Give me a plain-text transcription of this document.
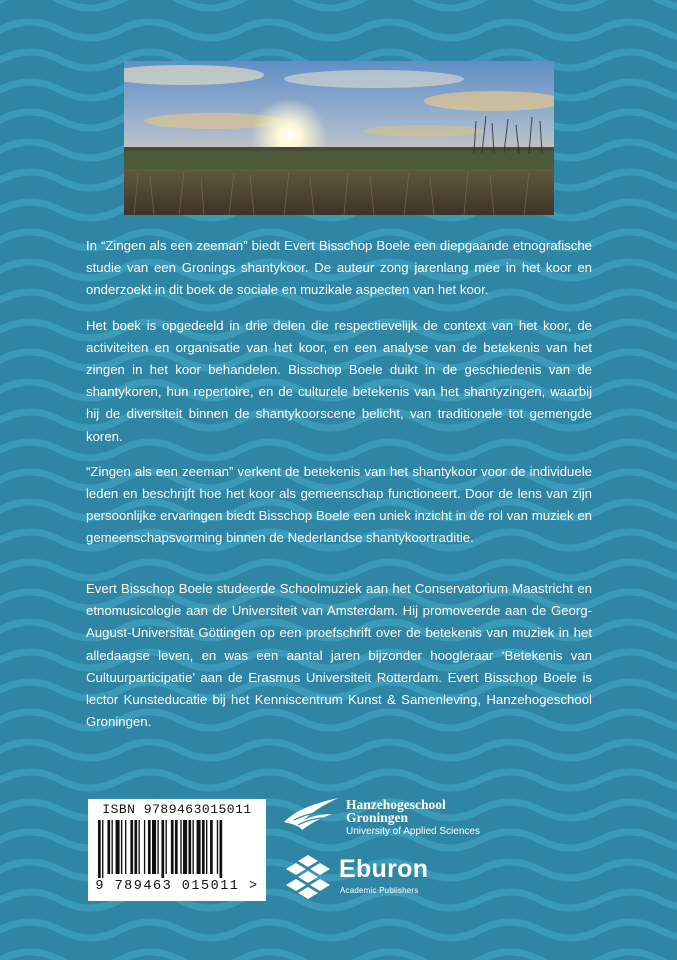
In “Zingen als een zeeman” biedt Evert Bisschop Boele een diepgaande etnografische studie van een Gronings shantykoor. De auteur zong jarenlang mee in het koor en onderzoekt in dit boek de sociale en muzikale aspecten van het koor.

Het boek is opgedeeld in drie delen die respectievelijk de context van het koor, de activiteiten en organisatie van het koor, en een analyse van de betekenis van het zingen in het koor behandelen. Bisschop Boele duikt in de geschiedenis van de shantykoren, hun repertoire, en de culturele betekenis van het shantyzingen, waarbij hij de diversiteit binnen de shantykoorscene belicht, van traditionele tot gemengde koren.

“Zingen als een zeeman” verkent de betekenis van het shantykoor voor de individuele leden en beschrijft hoe het koor als gemeenschap functioneert. Door de lens van zijn persoonlijke ervaringen biedt Bisschop Boele een uniek inzicht in de rol van muziek en gemeenschapsvorming binnen de Nederlandse shantykoortraditie.

Evert Bisschop Boele studeerde Schoolmuziek aan het Conservatorium Maastricht en etnomusicologie aan de Universiteit van Amsterdam. Hij promoveerde aan de Georg-August-Universität Göttingen op een proefschrift over de betekenis van muziek in het alledaagse leven, en was een aantal jaren bijzonder hoogleraar ‘Betekenis van Cultuurparticipatie’ aan de Erasmus Universiteit Rotterdam. Evert Bisschop Boele is lector Kunsteducatie bij het Kenniscentrum Kunst & Samenleving, Hanzehogeschool Groningen.

ISBN 9789463015011
9 789463 015011 >
Hanzehogeschool
Groningen
University of Applied Sciences
Eburon
Academic Publishers
